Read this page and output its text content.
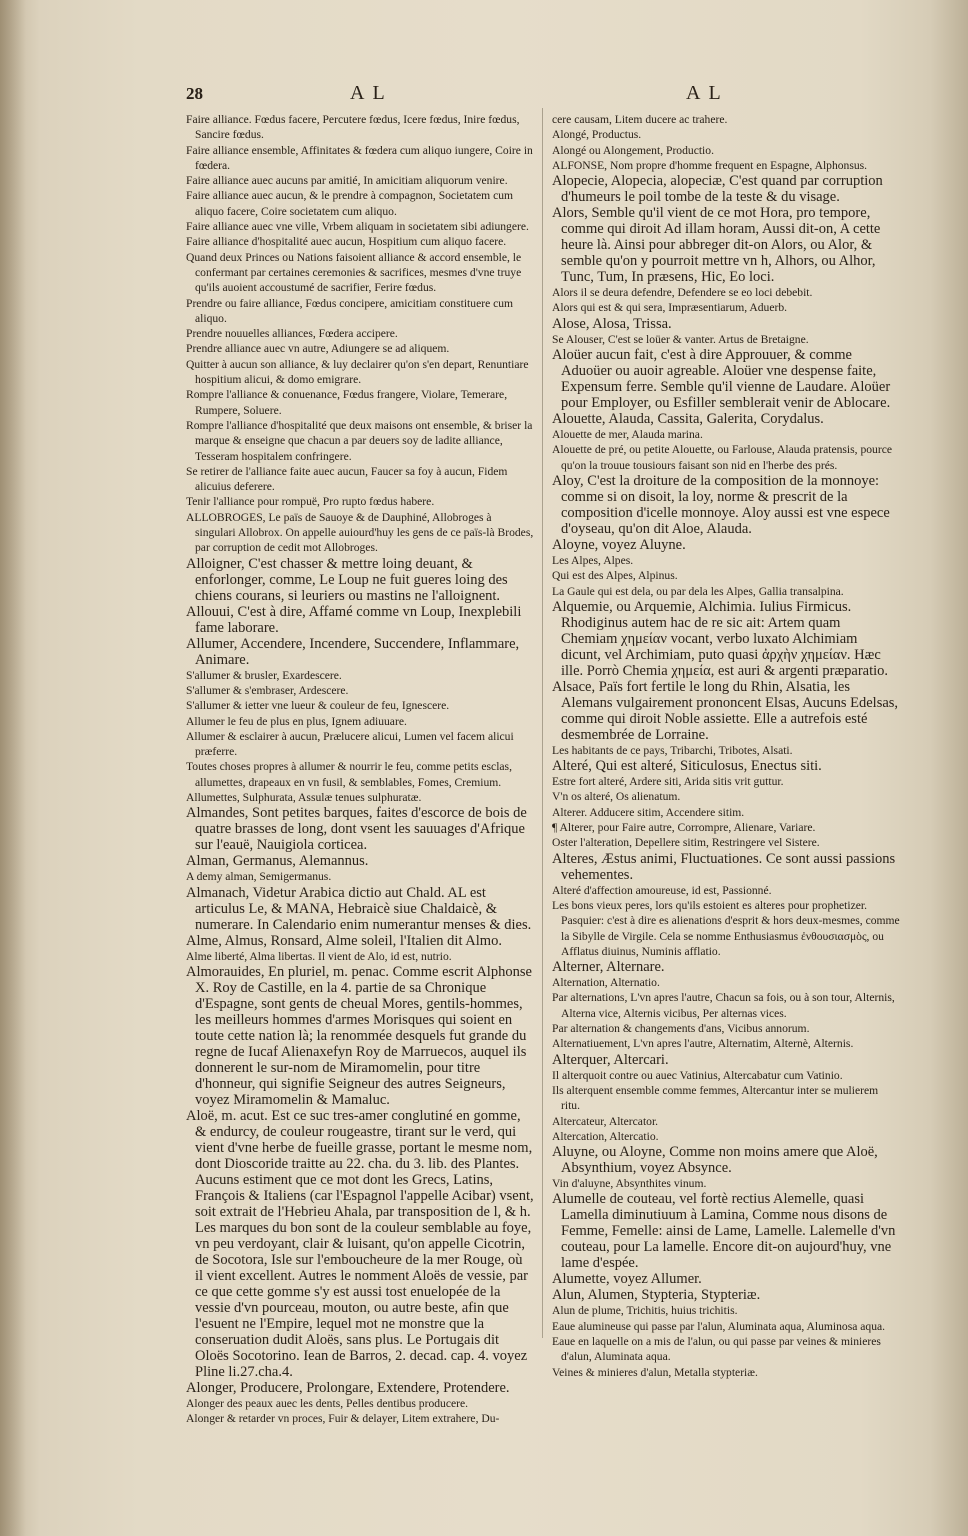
28	AL	AL

Faire alliance. Fœdus facere, Percutere fœdus, Icere fœdus, Inire fœdus, Sancire fœdus.

Faire alliance ensemble, Affinitates & fœdera cum aliquo iungere, Coire in fœdera.

Faire alliance auec aucuns par amitié, In amicitiam aliquorum venire.

Faire alliance auec aucun, & le prendre à compagnon, Societatem cum aliquo facere, Coire societatem cum aliquo.

Faire alliance auec vne ville, Vrbem aliquam in societatem sibi adiungere.

Faire alliance d'hospitalité auec aucun, Hospitium cum aliquo facere.

Quand deux Princes ou Nations faisoient alliance & accord ensemble, le confermant par certaines ceremonies & sacrifices, mesmes d'vne truye qu'ils auoient accoustumé de sacrifier, Ferire fœdus.

Prendre ou faire alliance, Fœdus concipere, amicitiam constituere cum aliquo.

Prendre nouuelles alliances, Fœdera accipere.

Prendre alliance auec vn autre, Adiungere se ad aliquem.

Quitter à aucun son alliance, & luy declairer qu'on s'en depart, Renuntiare hospitium alicui, & domo emigrare.

Rompre l'alliance & conuenance, Fœdus frangere, Violare, Temerare, Rumpere, Soluere.

Rompre l'alliance d'hospitalité que deux maisons ont ensemble, & briser la marque & enseigne que chacun a par deuers soy de ladite alliance, Tesseram hospitalem confringere.

Se retirer de l'alliance faite auec aucun, Faucer sa foy à aucun, Fidem alicuius deferere.

Tenir l'alliance pour rompuë, Pro rupto fœdus habere.

ALLOBROGES, Le païs de Sauoye & de Dauphiné, Allobroges à singulari Allobrox. On appelle auiourd'huy les gens de ce païs-là Brodes, par corruption de cedit mot Allobroges.

Alloigner, C'est chasser & mettre loing deuant, & enforlonger, comme, Le Loup ne fuit gueres loing des chiens courans, si leuriers ou mastins ne l'alloignent.

Allouui, C'est à dire, Affamé comme vn Loup, Inexplebili fame laborare.

Allumer, Accendere, Incendere, Succendere, Inflammare, Animare.

S'allumer & brusler, Exardescere.

S'allumer & s'embraser, Ardescere.

S'allumer & ietter vne lueur & couleur de feu, Ignescere.

Allumer le feu de plus en plus, Ignem adiuuare.

Allumer & esclairer à aucun, Prælucere alicui, Lumen vel facem alicui præferre.

Toutes choses propres à allumer & nourrir le feu, comme petits esclas, allumettes, drapeaux en vn fusil, & semblables, Fomes, Cremium.

Allumettes, Sulphurata, Assulæ tenues sulphuratæ.

Almandes, Sont petites barques, faites d'escorce de bois de quatre brasses de long, dont vsent les sauuages d'Afrique sur l'eauë, Nauigiola corticea.

Alman, Germanus, Alemannus.

A demy alman, Semigermanus.

Almanach, Videtur Arabica dictio aut Chald. AL est articulus Le, & MANA, Hebraicè siue Chaldaicè, & numerare. In Calendario enim numerantur menses & dies.

Alme, Almus, Ronsard, Alme soleil, l'Italien dit Almo.

Alme liberté, Alma libertas. Il vient de Alo, id est, nutrio.

Almorauides, En pluriel, m. penac. Comme escrit Alphonse X. Roy de Castille, en la 4. partie de sa Chronique d'Espagne, sont gents de cheual Mores, gentils-hommes, les meilleurs hommes d'armes Morisques qui soient en toute cette nation là; la renommée desquels fut grande du regne de Iucaf Alienaxefyn Roy de Marruecos, auquel ils donnerent le sur-nom de Miramomelin, pour titre d'honneur, qui signifie Seigneur des autres Seigneurs, voyez Miramomelin & Mamaluc.

Aloë, m. acut. Est ce suc tres-amer conglutiné en gomme, & endurcy, de couleur rougeastre, tirant sur le verd, qui vient d'vne herbe de fueille grasse, portant le mesme nom, dont Dioscoride traitte au 22. cha. du 3. lib. des Plantes. Aucuns estiment que ce mot dont les Grecs, Latins, François & Italiens (car l'Espagnol l'appelle Acibar) vsent, soit extrait de l'Hebrieu Ahala, par transposition de l, & h. Les marques du bon sont de la couleur semblable au foye, vn peu verdoyant, clair & luisant, qu'on appelle Cicotrin, de Socotora, Isle sur l'emboucheure de la mer Rouge, où il vient excellent. Autres le nomment Aloës de vessie, par ce que cette gomme s'y est aussi tost enuelopée de la vessie d'vn pourceau, mouton, ou autre beste, afin que l'esuent ne l'Empire, lequel mot ne monstre que la conseruation dudit Aloës, sans plus. Le Portugais dit Oloës Socotorino. Iean de Barros, 2. decad. cap. 4. voyez Pline li.27.cha.4.

Alonger, Producere, Prolongare, Extendere, Protendere.

Alonger des peaux auec les dents, Pelles dentibus producere.

Alonger & retarder vn proces, Fuir & delayer, Litem extrahere, Du-

cere causam, Litem ducere ac trahere.

Alongé, Productus.

Alongé ou Alongement, Productio.

ALFONSE, Nom propre d'homme frequent en Espagne, Alphonsus.

Alopecie, Alopecia, alopeciæ, C'est quand par corruption d'humeurs le poil tombe de la teste & du visage.

Alors, Semble qu'il vient de ce mot Hora, pro tempore, comme qui diroit Ad illam horam, Aussi dit-on, A cette heure là. Ainsi pour abbreger dit-on Alors, ou Alor, & semble qu'on y pourroit mettre vn h, Alhors, ou Alhor, Tunc, Tum, In præsens, Hic, Eo loci.

Alors il se deura defendre, Defendere se eo loci debebit.

Alors qui est & qui sera, Impræsentiarum, Aduerb.

Alose, Alosa, Trissa.

Se Alouser, C'est se loüer & vanter. Artus de Bretaigne.

Aloüer aucun fait, c'est à dire Approuuer, & comme Aduoüer ou auoir agreable. Aloüer vne despense faite, Expensum ferre. Semble qu'il vienne de Laudare. Aloüer pour Employer, ou Esfiller semblerait venir de Ablocare.

Alouette, Alauda, Cassita, Galerita, Corydalus.

Alouette de mer, Alauda marina.

Alouette de pré, ou petite Alouette, ou Farlouse, Alauda pratensis, pource qu'on la trouue tousiours faisant son nid en l'herbe des prés.

Aloy, C'est la droiture de la composition de la monnoye: comme si on disoit, la loy, norme & prescrit de la composition d'icelle monnoye. Aloy aussi est vne espece d'oyseau, qu'on dit Aloe, Alauda.

Aloyne, voyez Aluyne.

Les Alpes, Alpes.

Qui est des Alpes, Alpinus.

La Gaule qui est dela, ou par dela les Alpes, Gallia transalpina.

Alquemie, ou Arquemie, Alchimia. Iulius Firmicus. Rhodiginus autem hac de re sic ait: Artem quam Chemiam χημείαν vocant, verbo luxato Alchimiam dicunt, vel Archimiam, puto quasi ἀρχὴν χημείαν. Hæc ille. Porrò Chemia χημεία, est auri & argenti præparatio.

Alsace, Païs fort fertile le long du Rhin, Alsatia, les Alemans vulgairement prononcent Elsas, Aucuns Edelsas, comme qui diroit Noble assiette. Elle a autrefois esté desmembrée de Lorraine.

Les habitants de ce pays, Tribarchi, Tribotes, Alsati.

Alteré, Qui est alteré, Siticulosus, Enectus siti.

Estre fort alteré, Ardere siti, Arida sitis vrit guttur.

V'n os alteré, Os alienatum.

Alterer. Adducere sitim, Accendere sitim.

¶ Alterer, pour Faire autre, Corrompre, Alienare, Variare.

Oster l'alteration, Depellere sitim, Restringere vel Sistere.

Alteres, Æstus animi, Fluctuationes. Ce sont aussi passions vehementes.

Alteré d'affection amoureuse, id est, Passionné.

Les bons vieux peres, lors qu'ils estoient es alteres pour prophetizer. Pasquier: c'est à dire es alienations d'esprit & hors deux-mesmes, comme la Sibylle de Virgile. Cela se nomme Enthusiasmus ἐνθουσιασμὸς, ou Afflatus diuinus, Numinis afflatio.

Alterner, Alternare.

Alternation, Alternatio.

Par alternations, L'vn apres l'autre, Chacun sa fois, ou à son tour, Alternis, Alterna vice, Alternis vicibus, Per alternas vices.

Par alternation & changements d'ans, Vicibus annorum.

Alternatiuement, L'vn apres l'autre, Alternatim, Alternè, Alternis.

Alterquer, Altercari.

Il alterquoit contre ou auec Vatinius, Altercabatur cum Vatinio.

Ils alterquent ensemble comme femmes, Altercantur inter se mulierem ritu.

Altercateur, Altercator.

Altercation, Altercatio.

Aluyne, ou Aloyne, Comme non moins amere que Aloë, Absynthium, voyez Absynce.

Vin d'aluyne, Absynthites vinum.

Alumelle de couteau, vel fortè rectius Alemelle, quasi Lamella diminutiuum à Lamina, Comme nous disons de Femme, Femelle: ainsi de Lame, Lamelle. Lalemelle d'vn couteau, pour La lamelle. Encore dit-on aujourd'huy, vne lame d'espée.

Alumette, voyez Allumer.

Alun, Alumen, Stypteria, Stypteriæ.

Alun de plume, Trichitis, huius trichitis.

Eaue alumineuse qui passe par l'alun, Aluminata aqua, Aluminosa aqua.

Eaue en laquelle on a mis de l'alun, ou qui passe par veines & minieres d'alun, Aluminata aqua.

Veines & minieres d'alun, Metalla stypteriæ.
